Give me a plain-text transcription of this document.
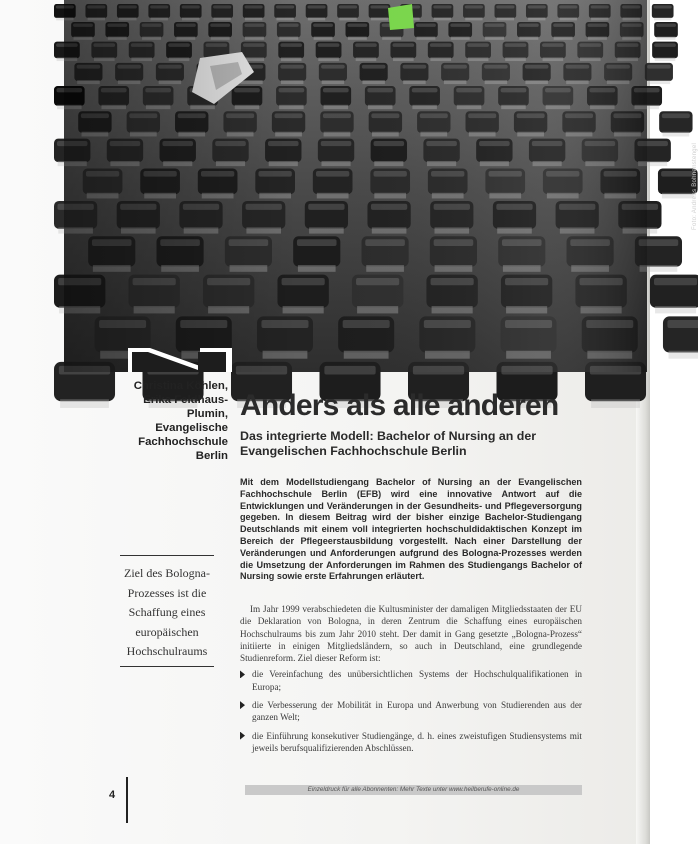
Foto: Andreas Bohnenstengel
Christina Köhlen,
Erika Feldhaus-
Plumin,
Evangelische
Fachhochschule
Berlin
Anders als alle anderen
Das integrierte Modell: Bachelor of Nursing an der Evangelischen Fachhochschule Berlin
Mit dem Modellstudiengang Bachelor of Nursing an der Evangelischen Fachhochschule Berlin (EFB) wird eine innovative Antwort auf die Entwicklungen und Veränderungen in der Gesundheits- und Pflegeversorgung gegeben. In diesem Beitrag wird der bisher einzige Bachelor-Studiengang Deutschlands mit einem voll integrierten hochschuldidaktischen Konzept im Bereich der Pflegeerstausbildung vorgestellt. Nach einer Darstellung der Veränderungen und Anforderungen aufgrund des Bologna-Prozesses werden die Umsetzung der Anforderungen im Rahmen des Studiengangs Bachelor of Nursing sowie erste Erfahrungen erläutert.
Ziel des Bologna-Prozesses ist die Schaffung eines europäischen Hochschulraums

Im Jahr 1999 verabschiedeten die Kultusminister der damaligen Mitgliedsstaaten der EU die Deklaration von Bologna, in deren Zentrum die Schaffung eines europäischen Hochschulraums bis zum Jahr 2010 steht. Der damit in Gang gesetzte „Bologna-Prozess“ initiierte in einigen Mitgliedsländern, so auch in Deutschland, eine grundlegende Studienreform. Ziel dieser Reform ist:

die Vereinfachung des unübersichtlichen Systems der Hochschulqualifikationen in Europa;
die Verbesserung der Mobilität in Europa und Anwerbung von Studierenden aus der ganzen Welt;
die Einführung konsekutiver Studiengänge, d. h. eines zweistufigen Studiensystems mit jeweils berufsqualifizierenden Abschlüssen.
4	Einzeldruck für alle Abonnenten: Mehr Texte unter www.heilberufe-online.de
